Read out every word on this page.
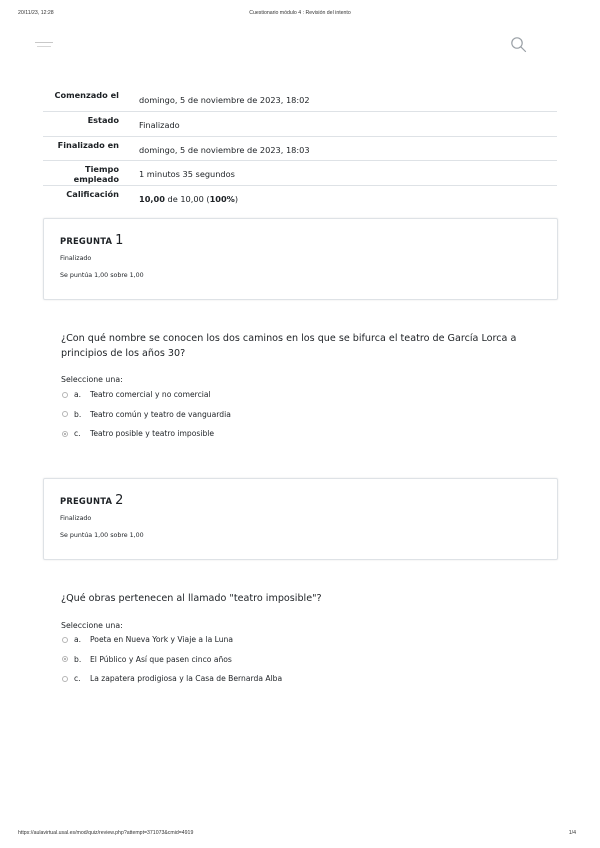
20/11/23, 12:28	Cuestionario módulo 4 : Revisión del intento
Comenzado el	domingo, 5 de noviembre de 2023, 18:02
Estado	Finalizado
Finalizado en	domingo, 5 de noviembre de 2023, 18:03
Tiempo empleado	1 minutos 35 segundos
Calificación	10,00 de 10,00 (100%)
PREGUNTA 1
Finalizado
Se puntúa 1,00 sobre 1,00
¿Con qué nombre se conocen los dos caminos en los que se bifurca el teatro de García Lorca a principios de los años 30?
Seleccione una:
a.	Teatro comercial y no comercial
b.	Teatro común y teatro de vanguardia
c.	Teatro posible y teatro imposible
PREGUNTA 2
Finalizado
Se puntúa 1,00 sobre 1,00
¿Qué obras pertenecen al llamado "teatro imposible"?
Seleccione una:
a.	Poeta en Nueva York y Viaje a la Luna
b.	El Público y Así que pasen cinco años
c.	La zapatera prodigiosa y la Casa de Bernarda Alba
https://aulavirtual.usal.es/mod/quiz/review.php?attempt=371073&cmid=4919	1/4
